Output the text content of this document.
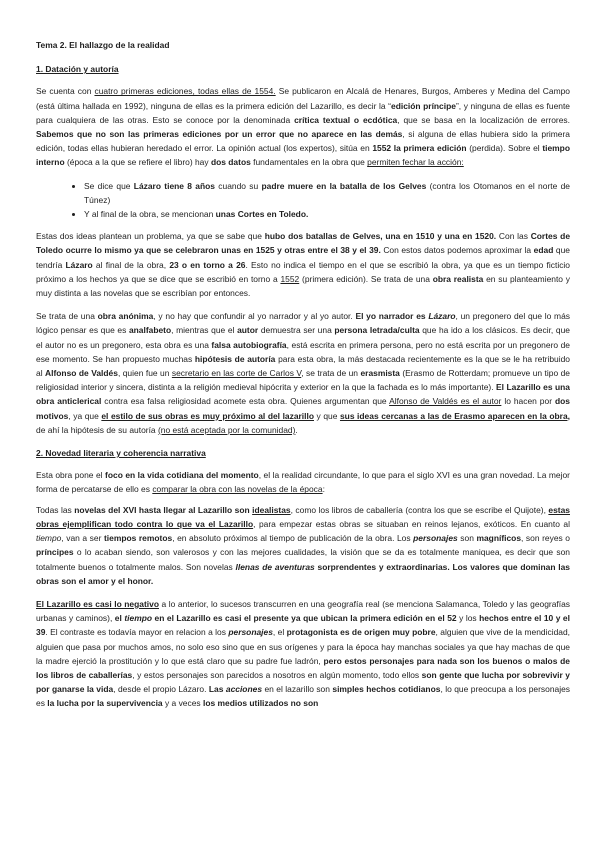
Tema 2. El hallazgo de la realidad
1. Datación y autoría

Se cuenta con cuatro primeras ediciones, todas ellas de 1554. Se publicaron en Alcalá de Henares, Burgos, Amberes y Medina del Campo (está última hallada en 1992), ninguna de ellas es la primera edición del Lazarillo, es decir la “edición príncipe”, y ninguna de ellas es fuente para cualquiera de las otras. Esto se conoce por la denominada crítica textual o ecdótica, que se basa en la localización de errores. Sabemos que no son las primeras ediciones por un error que no aparece en las demás, si alguna de ellas hubiera sido la primera edición, todas ellas hubieran heredado el error. La opinión actual (los expertos), sitúa en 1552 la primera edición (perdida). Sobre el tiempo interno (época a la que se refiere el libro) hay dos datos fundamentales en la obra que permiten fechar la acción:

• Se dice que Lázaro tiene 8 años cuando su padre muere en la batalla de los Gelves (contra los Otomanos en el norte de Túnez)
• Y al final de la obra, se mencionan unas Cortes en Toledo.

Estas dos ideas plantean un problema, ya que se sabe que hubo dos batallas de Gelves, una en 1510 y una en 1520. Con las Cortes de Toledo ocurre lo mismo ya que se celebraron unas en 1525 y otras entre el 38 y el 39. Con estos datos podemos aproximar la edad que tendría Lázaro al final de la obra, 23 o en torno a 26. Esto no indica el tiempo en el que se escribió la obra, ya que es un tiempo ficticio próximo a los hechos ya que se dice que se escribió en torno a 1552 (primera edición). Se trata de una obra realista en su planteamiento y muy distinta a las novelas que se escribían por entonces.

Se trata de una obra anónima, y no hay que confundir al yo narrador y al yo autor. El yo narrador es Lázaro, un pregonero del que lo más lógico pensar es que es analfabeto, mientras que el autor demuestra ser una persona letrada/culta que ha ido a los clásicos. Es decir, que el autor no es un pregonero, esta obra es una falsa autobiografía, está escrita en primera persona, pero no está escrita por un pregonero de ese momento. Se han propuesto muchas hipótesis de autoría para esta obra, la más destacada recientemente es la que se le ha retribuido al Alfonso de Valdés, quien fue un secretario en las corte de Carlos V, se trata de un erasmista (Erasmo de Rotterdam; promueve un tipo de religiosidad interior y sincera, distinta a la religión medieval hipócrita y exterior en la que la fachada es lo más importante). El Lazarillo es una obra anticlerical contra esa falsa religiosidad acomete esta obra. Quienes argumentan que Alfonso de Valdés es el autor lo hacen por dos motivos, ya que el estilo de sus obras es muy próximo al del lazarillo y que sus ideas cercanas a las de Erasmo aparecen en la obra, de ahí la hipótesis de su autoría (no está aceptada por la comunidad).

2. Novedad literaria y coherencia narrativa

Esta obra pone el foco en la vida cotidiana del momento, el la realidad circundante, lo que para el siglo XVI es una gran novedad. La mejor forma de percatarse de ello es comparar la obra con las novelas de la época:

Todas las novelas del XVI hasta llegar al Lazarillo son idealistas, como los libros de caballería (contra los que se escribe el Quijote), estas obras ejemplifican todo contra lo que va el Lazarillo, para empezar estas obras se situaban en reinos lejanos, exóticos. En cuanto al tiempo, van a ser tiempos remotos, en absoluto próximos al tiempo de publicación de la obra. Los personajes son magníficos, son reyes o príncipes o lo acaban siendo, son valerosos y con las mejores cualidades, la visión que se da es totalmente maniquea, es decir que son totalmente buenos o totalmente malos. Son novelas llenas de aventuras sorprendentes y extraordinarias. Los valores que dominan las obras son el amor y el honor.

El Lazarillo es casi lo negativo a lo anterior, lo sucesos transcurren en una geografía real (se menciona Salamanca, Toledo y las geografías urbanas y caminos), el tiempo en el Lazarillo es casi el presente ya que ubican la primera edición en el 52 y los hechos entre el 10 y el 39. El contraste es todavía mayor en relacion a los personajes, el protagonista es de origen muy pobre, alguien que vive de la mendicidad, alguien que pasa por muchos amos, no solo eso sino que en sus orígenes y para la época hay manchas sociales ya que hay machas de que la madre ejerció la prostitución y lo que está claro que su padre fue ladrón, pero estos personajes para nada son los buenos o malos de los libros de caballerías, y estos personajes son parecidos a nosotros en algún momento, todo ellos son gente que lucha por sobrevivir y por ganarse la vida, desde el propio Lázaro. Las acciones en el lazarillo son simples hechos cotidianos, lo que preocupa a los personajes es la lucha por la supervivencia y a veces los medios utilizados no son
